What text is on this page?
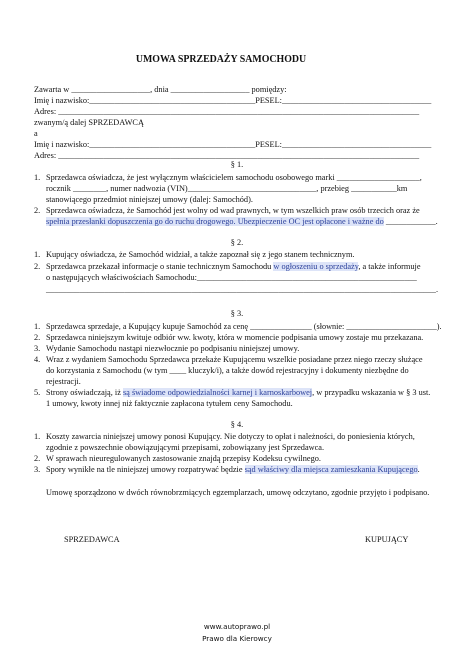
UMOWA SPRZEDAŻY SAMOCHODU
Zawarta w ___________________, dnia ___________________ pomiędzy:
Imię i nazwisko:________________________________________PESEL:____________________________________
Adres: _______________________________________________________________________________________
zwanym/ą dalej SPRZEDAWCĄ
a
Imię i nazwisko:________________________________________PESEL:____________________________________
Adres: _______________________________________________________________________________________
§ 1.
1. Sprzedawca oświadcza, że jest wyłącznym właścicielem samochodu osobowego marki ____________________,
rocznik ________, numer nadwozia (VIN)_______________________________, przebieg ___________km
stanowiącego przedmiot niniejszej umowy (dalej: Samochód).
2. Sprzedawca oświadcza, że Samochód jest wolny od wad prawnych, w tym wszelkich praw osób trzecich oraz że
spełnia przesłanki dopuszczenia go do ruchu drogowego. Ubezpieczenie OC jest opłacone i ważne do ____________.
§ 2.
1. Kupujący oświadcza, że Samochód widział, a także zapoznał się z jego stanem technicznym.
2. Sprzedawca przekazał informacje o stanie technicznym Samochodu w ogłoszeniu o sprzedaży, a także informuje
o następujących właściwościach Samochodu:_____________________________________________________
______________________________________________________________________________________________.
§ 3.
1. Sprzedawca sprzedaje, a Kupujący kupuje Samochód za cenę _______________ (słownie: ______________________).
2. Sprzedawca niniejszym kwituje odbiór ww. kwoty, która w momencie podpisania umowy zostaje mu przekazana.
3. Wydanie Samochodu nastąpi niezwłocznie po podpisaniu niniejszej umowy.
4. Wraz z wydaniem Samochodu Sprzedawca przekaże Kupującemu wszelkie posiadane przez niego rzeczy służące
do korzystania z Samochodu (w tym ____ kluczyk/i), a także dowód rejestracyjny i dokumenty niezbędne do
rejestracji.
5. Strony oświadczają, iż są świadome odpowiedzialności karnej i karnoskarbowej, w przypadku wskazania w § 3 ust.
1 umowy, kwoty innej niż faktycznie zapłacona tytułem ceny Samochodu.
§ 4.
1. Koszty zawarcia niniejszej umowy ponosi Kupujący. Nie dotyczy to opłat i należności, do poniesienia których,
zgodnie z powszechnie obowiązującymi przepisami, zobowiązany jest Sprzedawca.
2. W sprawach nieuregulowanych zastosowanie znajdą przepisy Kodeksu cywilnego.
3. Spory wynikłe na tle niniejszej umowy rozpatrywać będzie sąd właściwy dla miejsca zamieszkania Kupującego.
Umowę sporządzono w dwóch równobrzmiących egzemplarzach, umowę odczytano, zgodnie przyjęto i podpisano.
SPRZEDAWCA	KUPUJĄCY
www.autoprawo.pl
Prawo dla Kierowcy
